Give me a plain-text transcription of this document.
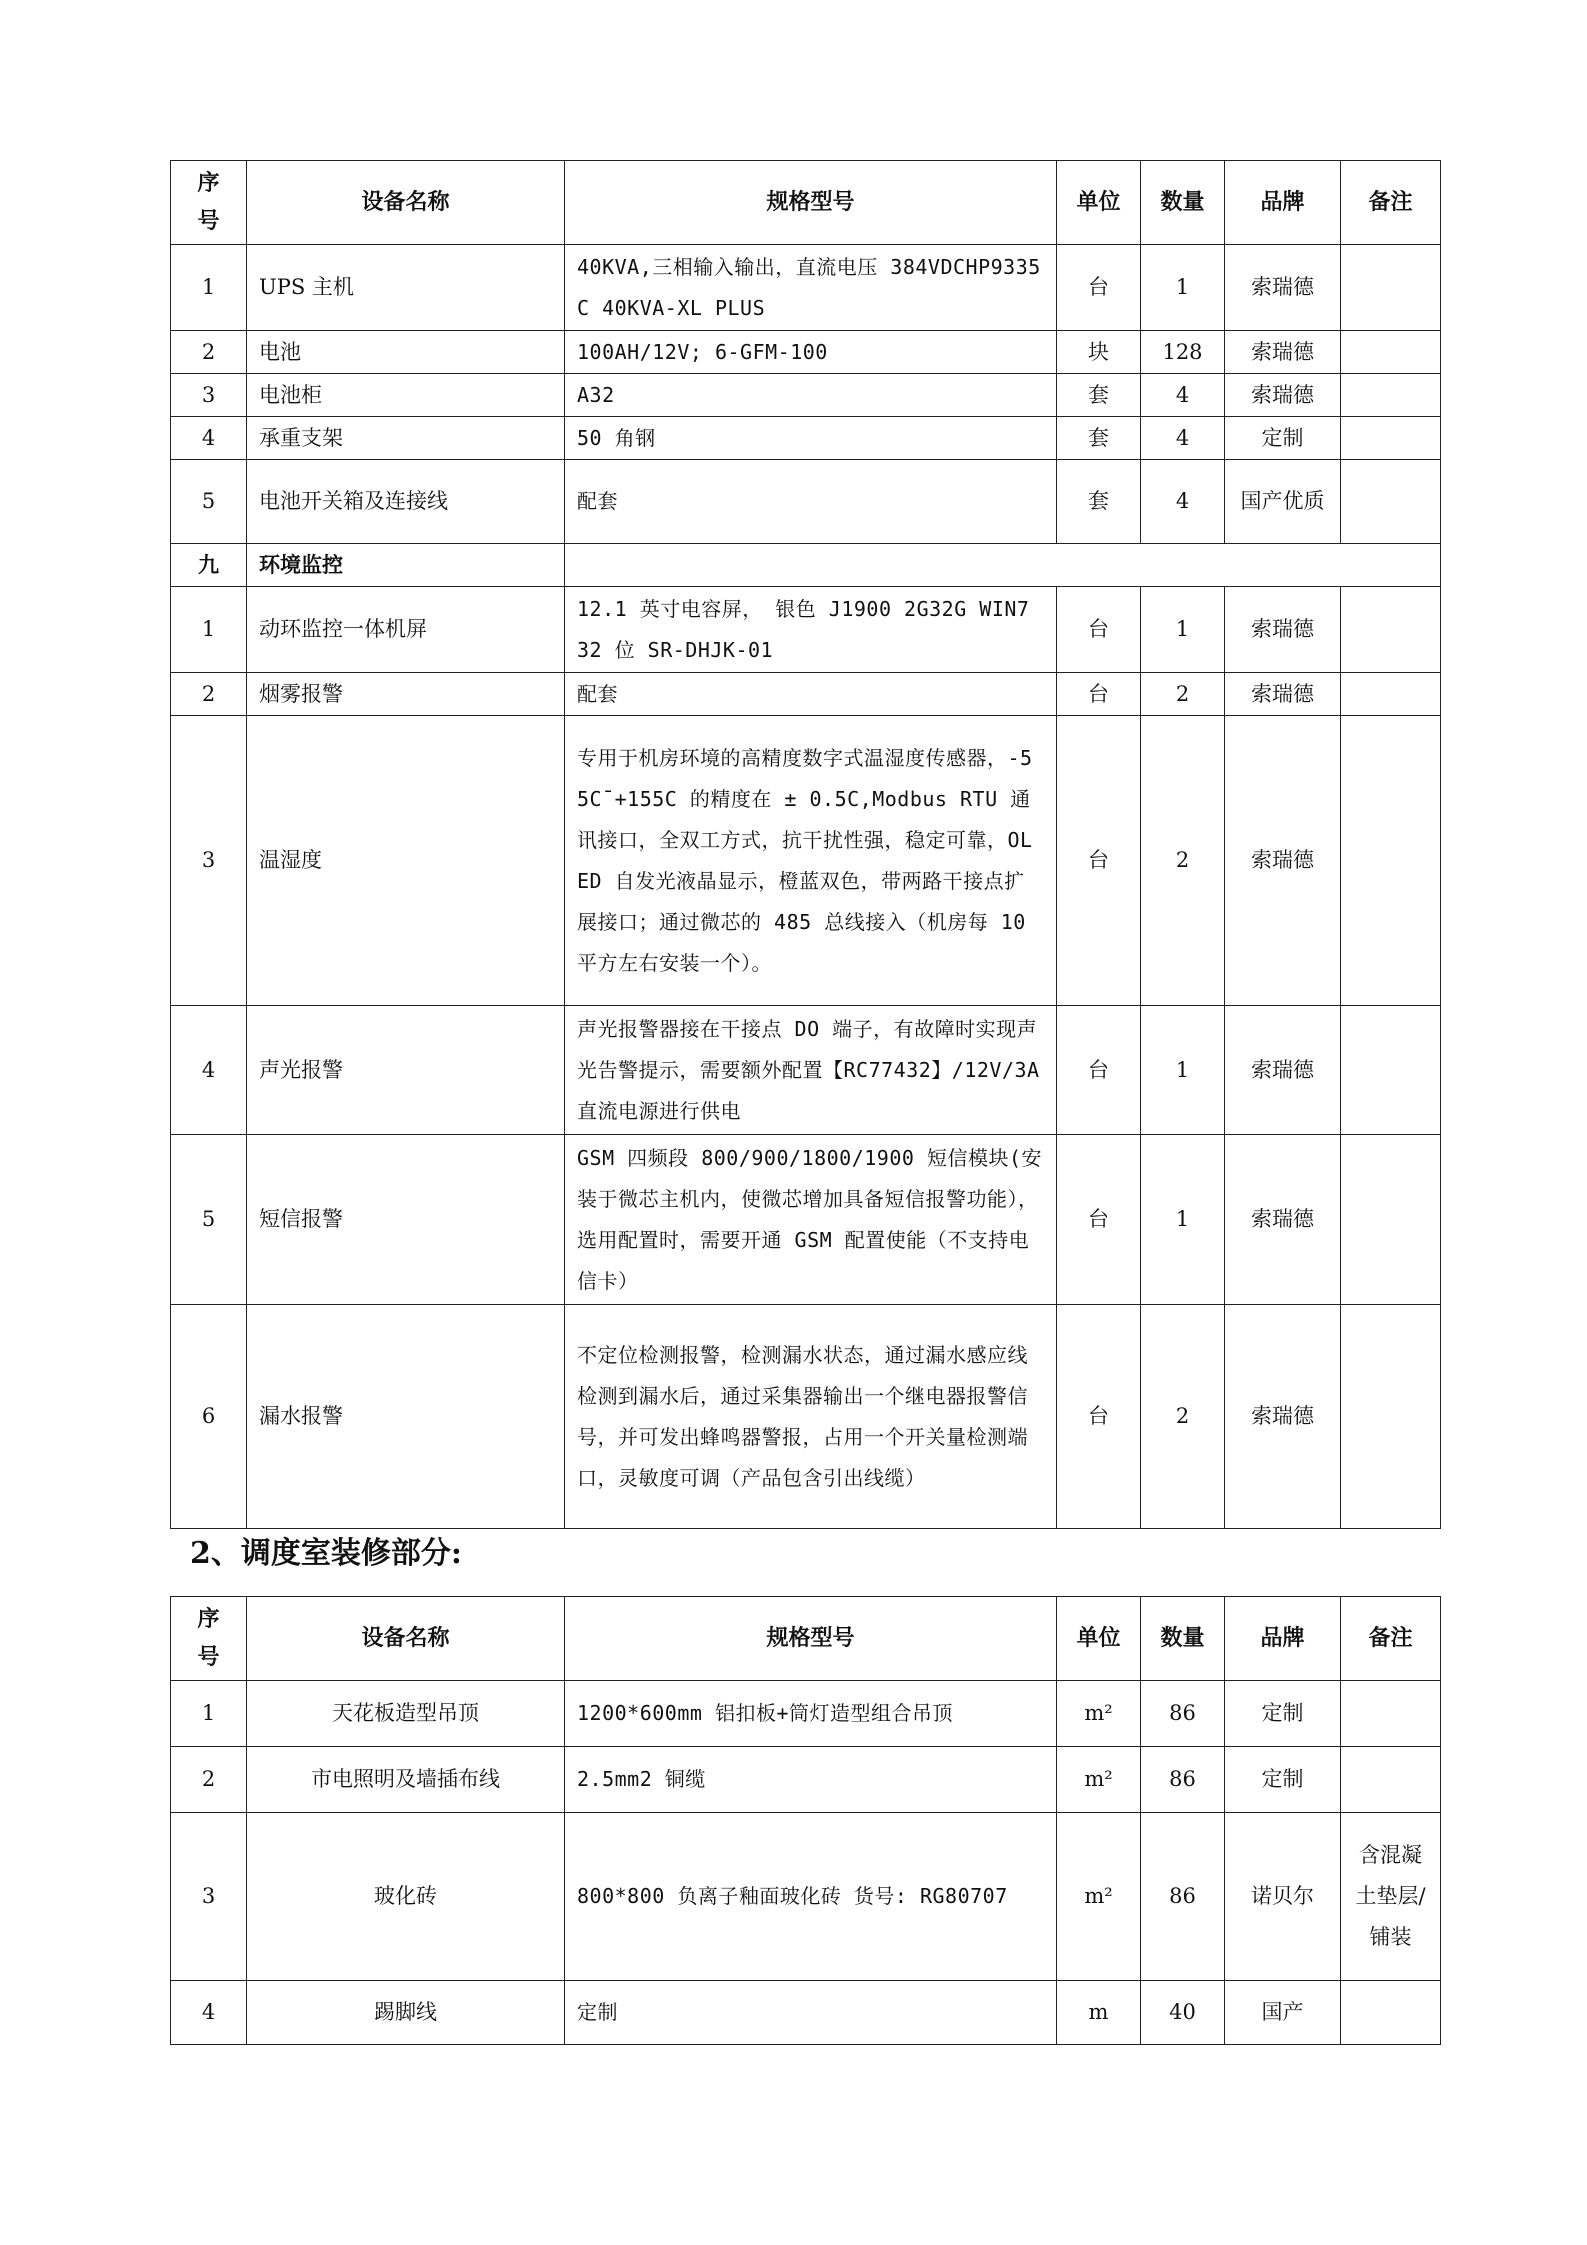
序号	设备名称	规格型号	单位	数量	品牌	备注
1	UPS 主机	40KVA,三相输入输出，直流电压 384VDCHP9335C 40KVA-XL PLUS	台	1	索瑞德	
2	电池	100AH/12V; 6-GFM-100	块	128	索瑞德	
3	电池柜	A32	套	4	索瑞德	
4	承重支架	50 角钢	套	4	定制	
5	电池开关箱及连接线	配套	套	4	国产优质	
九	环境监控					
1	动环监控一体机屏	12.1 英寸电容屏， 银色 J1900 2G32G WIN7 32 位 SR-DHJK-01	台	1	索瑞德	
2	烟雾报警	配套	台	2	索瑞德	
3	温湿度	专用于机房环境的高精度数字式温湿度传感器，-55C¯+155C 的精度在 ± 0.5C,Modbus RTU 通讯接口，全双工方式，抗干扰性强，稳定可靠，OLED 自发光液晶显示，橙蓝双色，带两路干接点扩展接口；通过微芯的 485 总线接入（机房每 10 平方左右安装一个）。	台	2	索瑞德	
4	声光报警	声光报警器接在干接点 DO 端子，有故障时实现声光告警提示，需要额外配置【RC77432】/12V/3A 直流电源进行供电	台	1	索瑞德	
5	短信报警	GSM 四频段 800/900/1800/1900 短信模块(安装于微芯主机内，使微芯增加具备短信报警功能），选用配置时，需要开通 GSM 配置使能（不支持电信卡）	台	1	索瑞德	
6	漏水报警	不定位检测报警，检测漏水状态，通过漏水感应线检测到漏水后，通过采集器输出一个继电器报警信号，并可发出蜂鸣器警报，占用一个开关量检测端口，灵敏度可调（产品包含引出线缆）	台	2	索瑞德	
2、调度室装修部分:
序号	设备名称	规格型号	单位	数量	品牌	备注
1	天花板造型吊顶	1200*600mm 铝扣板+筒灯造型组合吊顶	m²	86	定制	
2	市电照明及墙插布线	2.5mm2 铜缆	m²	86	定制	
3	玻化砖	800*800 负离子釉面玻化砖 货号: RG80707	m²	86	诺贝尔	含混凝土垫层/铺装
4	踢脚线	定制	m	40	国产	
